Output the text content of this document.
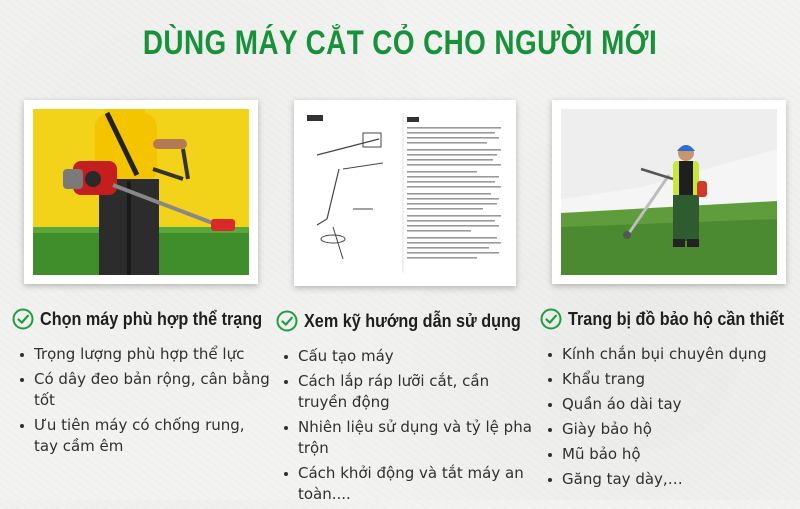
DÙNG MÁY CẮT CỎ CHO NGƯỜI MỚI
Chọn máy phù hợp thể trạng
Trọng lượng phù hợp thể lực
Có dây đeo bản rộng, cân bằng tốt
Ưu tiên máy có chống rung, tay cầm êm
Xem kỹ hướng dẫn sử dụng
Cấu tạo máy
Cách lắp ráp lưỡi cắt, cần truyền động
Nhiên liệu sử dụng và tỷ lệ pha trộn
Cách khởi động và tắt máy an toàn....
Trang bị đồ bảo hộ cần thiết
Kính chắn bụi chuyên dụng
Khẩu trang
Quần áo dài tay
Giày bảo hộ
Mũ bảo hộ
Găng tay dày,…
